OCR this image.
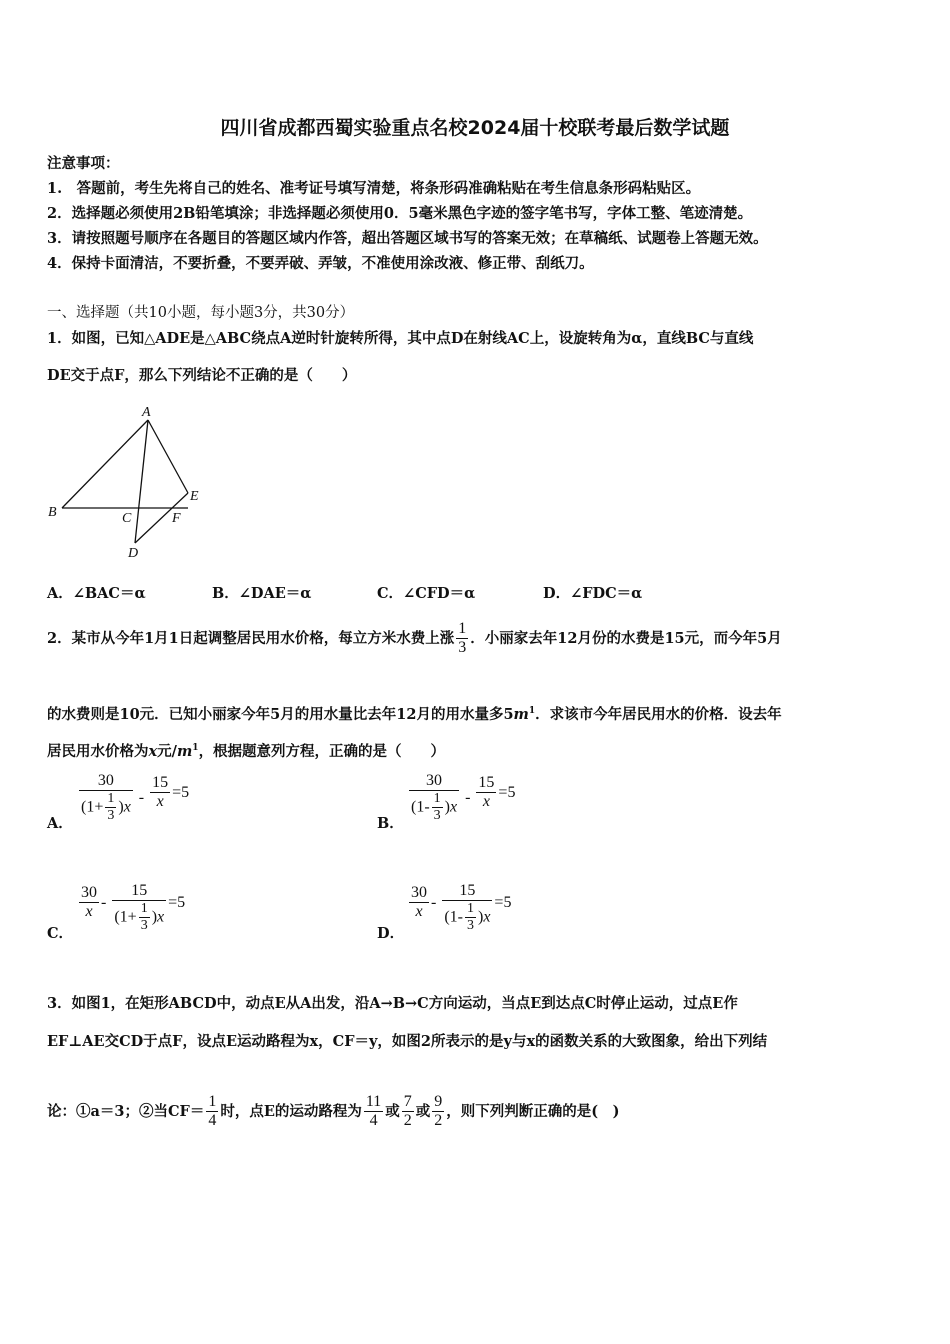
四川省成都西蜀实验重点名校2024届十校联考最后数学试题
注意事项：
1.　答题前，考生先将自己的姓名、准考证号填写清楚，将条形码准确粘贴在考生信息条形码粘贴区。
2．选择题必须使用2B铅笔填涂；非选择题必须使用0．5毫米黑色字迹的签字笔书写，字体工整、笔迹清楚。
3．请按照题号顺序在各题目的答题区域内作答，超出答题区域书写的答案无效；在草稿纸、试题卷上答题无效。
4．保持卡面清洁，不要折叠，不要弄破、弄皱，不准使用涂改液、修正带、刮纸刀。
一、选择题（共10小题，每小题3分，共30分）
1．如图，已知△ADE是△ABC绕点A逆时针旋转所得，其中点D在射线AC上，设旋转角为α，直线BC与直线
DE交于点F，那么下列结论不正确的是（　　）
A
B	C
D
E
F
A．∠BAC＝α	B．∠DAE＝α	C．∠CFD＝α	D．∠FDC＝α
2．某市从今年1月1日起调整居民用水价格，每立方米水费上涨 $\frac{1}{3}$ ．小丽家去年12月份的水费是15元，而今年5月
的水费则是10元．已知小丽家今年5月的用水量比去年12月的用水量多$5m^1$．求该市今年居民用水的价格．设去年
居民用水价格为x元$/m^1$，根据题意列方程，正确的是（　　）
A． $\frac{30}{(1+ \frac{1}{3} )x} - \frac{15}{x} =5$
B． $\frac{30}{(1- \frac{1}{3} )x} - \frac{15}{x} =5$
C．
$\frac{30}{x} - \frac{15}{(1+ \frac{1}{3} )x} =5$
D．
$\frac{30}{x} - \frac{15}{(1- \frac{1}{3} )x} =5$
3．如图1，在矩形ABCD中，动点E从A出发，沿A→B→C方向运动，当点E到达点C时停止运动，过点E作
EF⊥AE交CD于点F，设点E运动路程为x，CF＝y，如图2所表示的是y与x的函数关系的大致图象，给出下列结
论：①a＝3；②当$CF= \frac{1}{4}$ 时，点E的运动路程为 $\frac{11}{4}$ 或 $\frac{7}{2}$ 或 $\frac{9}{2}$ ，则下列判断正确的是(　)
